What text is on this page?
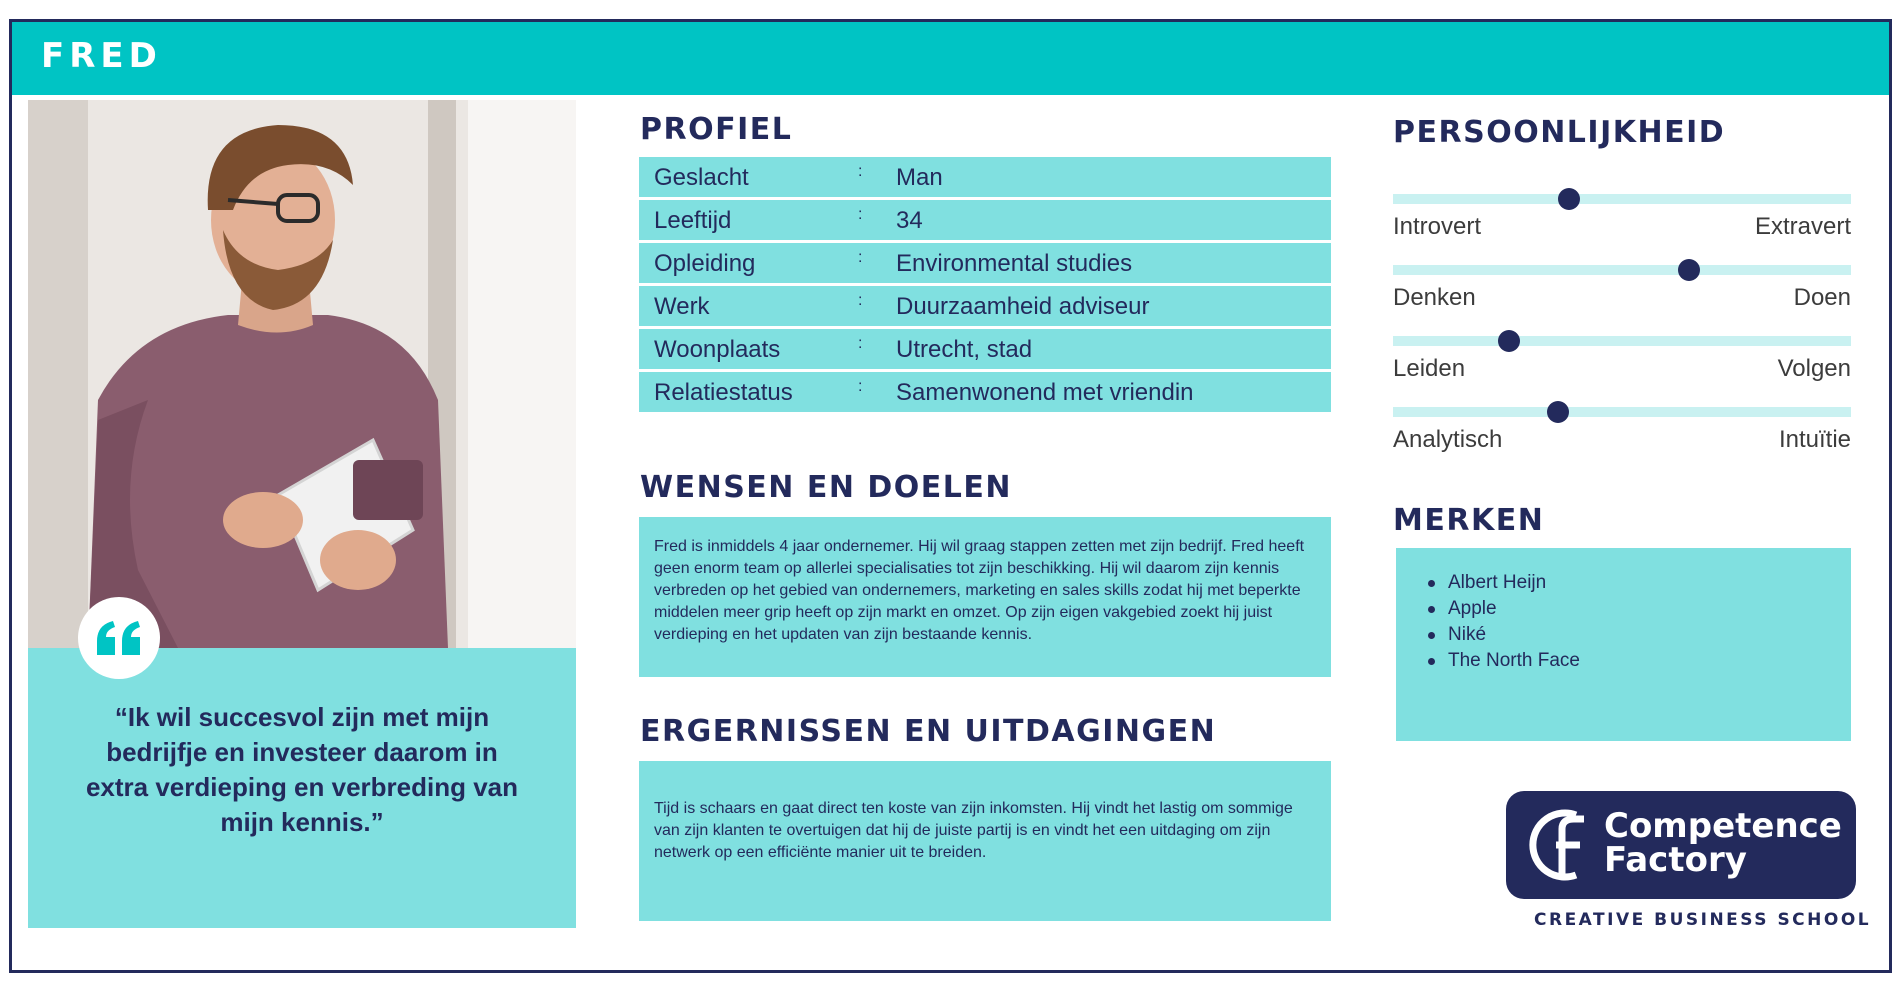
FRED
“Ik wil succesvol zijn met mijn bedrijfje en investeer daarom in extra verdieping en verbreding van mijn kennis.”
PROFIEL
Geslacht	: Man
Leeftijd	: 34
Opleiding	: Environmental studies
Werk	: Duurzaamheid adviseur
Woonplaats	: Utrecht, stad
Relatiestatus	: Samenwonend met vriendin
WENSEN EN DOELEN
Fred is inmiddels 4 jaar ondernemer. Hij wil graag stappen zetten met zijn bedrijf. Fred heeft geen enorm team op allerlei specialisaties tot zijn beschikking. Hij wil daarom zijn kennis verbreden op het gebied van ondernemers, marketing en sales skills zodat hij met beperkte middelen meer grip heeft op zijn markt en omzet. Op zijn eigen vakgebied zoekt hij juist verdieping en het updaten van zijn bestaande kennis.
ERGERNISSEN EN UITDAGINGEN
Tijd is schaars en gaat direct ten koste van zijn inkomsten. Hij vindt het lastig om sommige van zijn klanten te overtuigen dat hij de juiste partij is en vindt het een uitdaging om zijn netwerk op een efficiënte manier uit te breiden.
PERSOONLIJKHEID
Introvert	Extravert
Denken	Doen
Leiden	Volgen
Analytisch	Intuïtie
MERKEN
Albert Heijn
Apple
Niké
The North Face
Competence
Factory
CREATIVE BUSINESS SCHOOL
